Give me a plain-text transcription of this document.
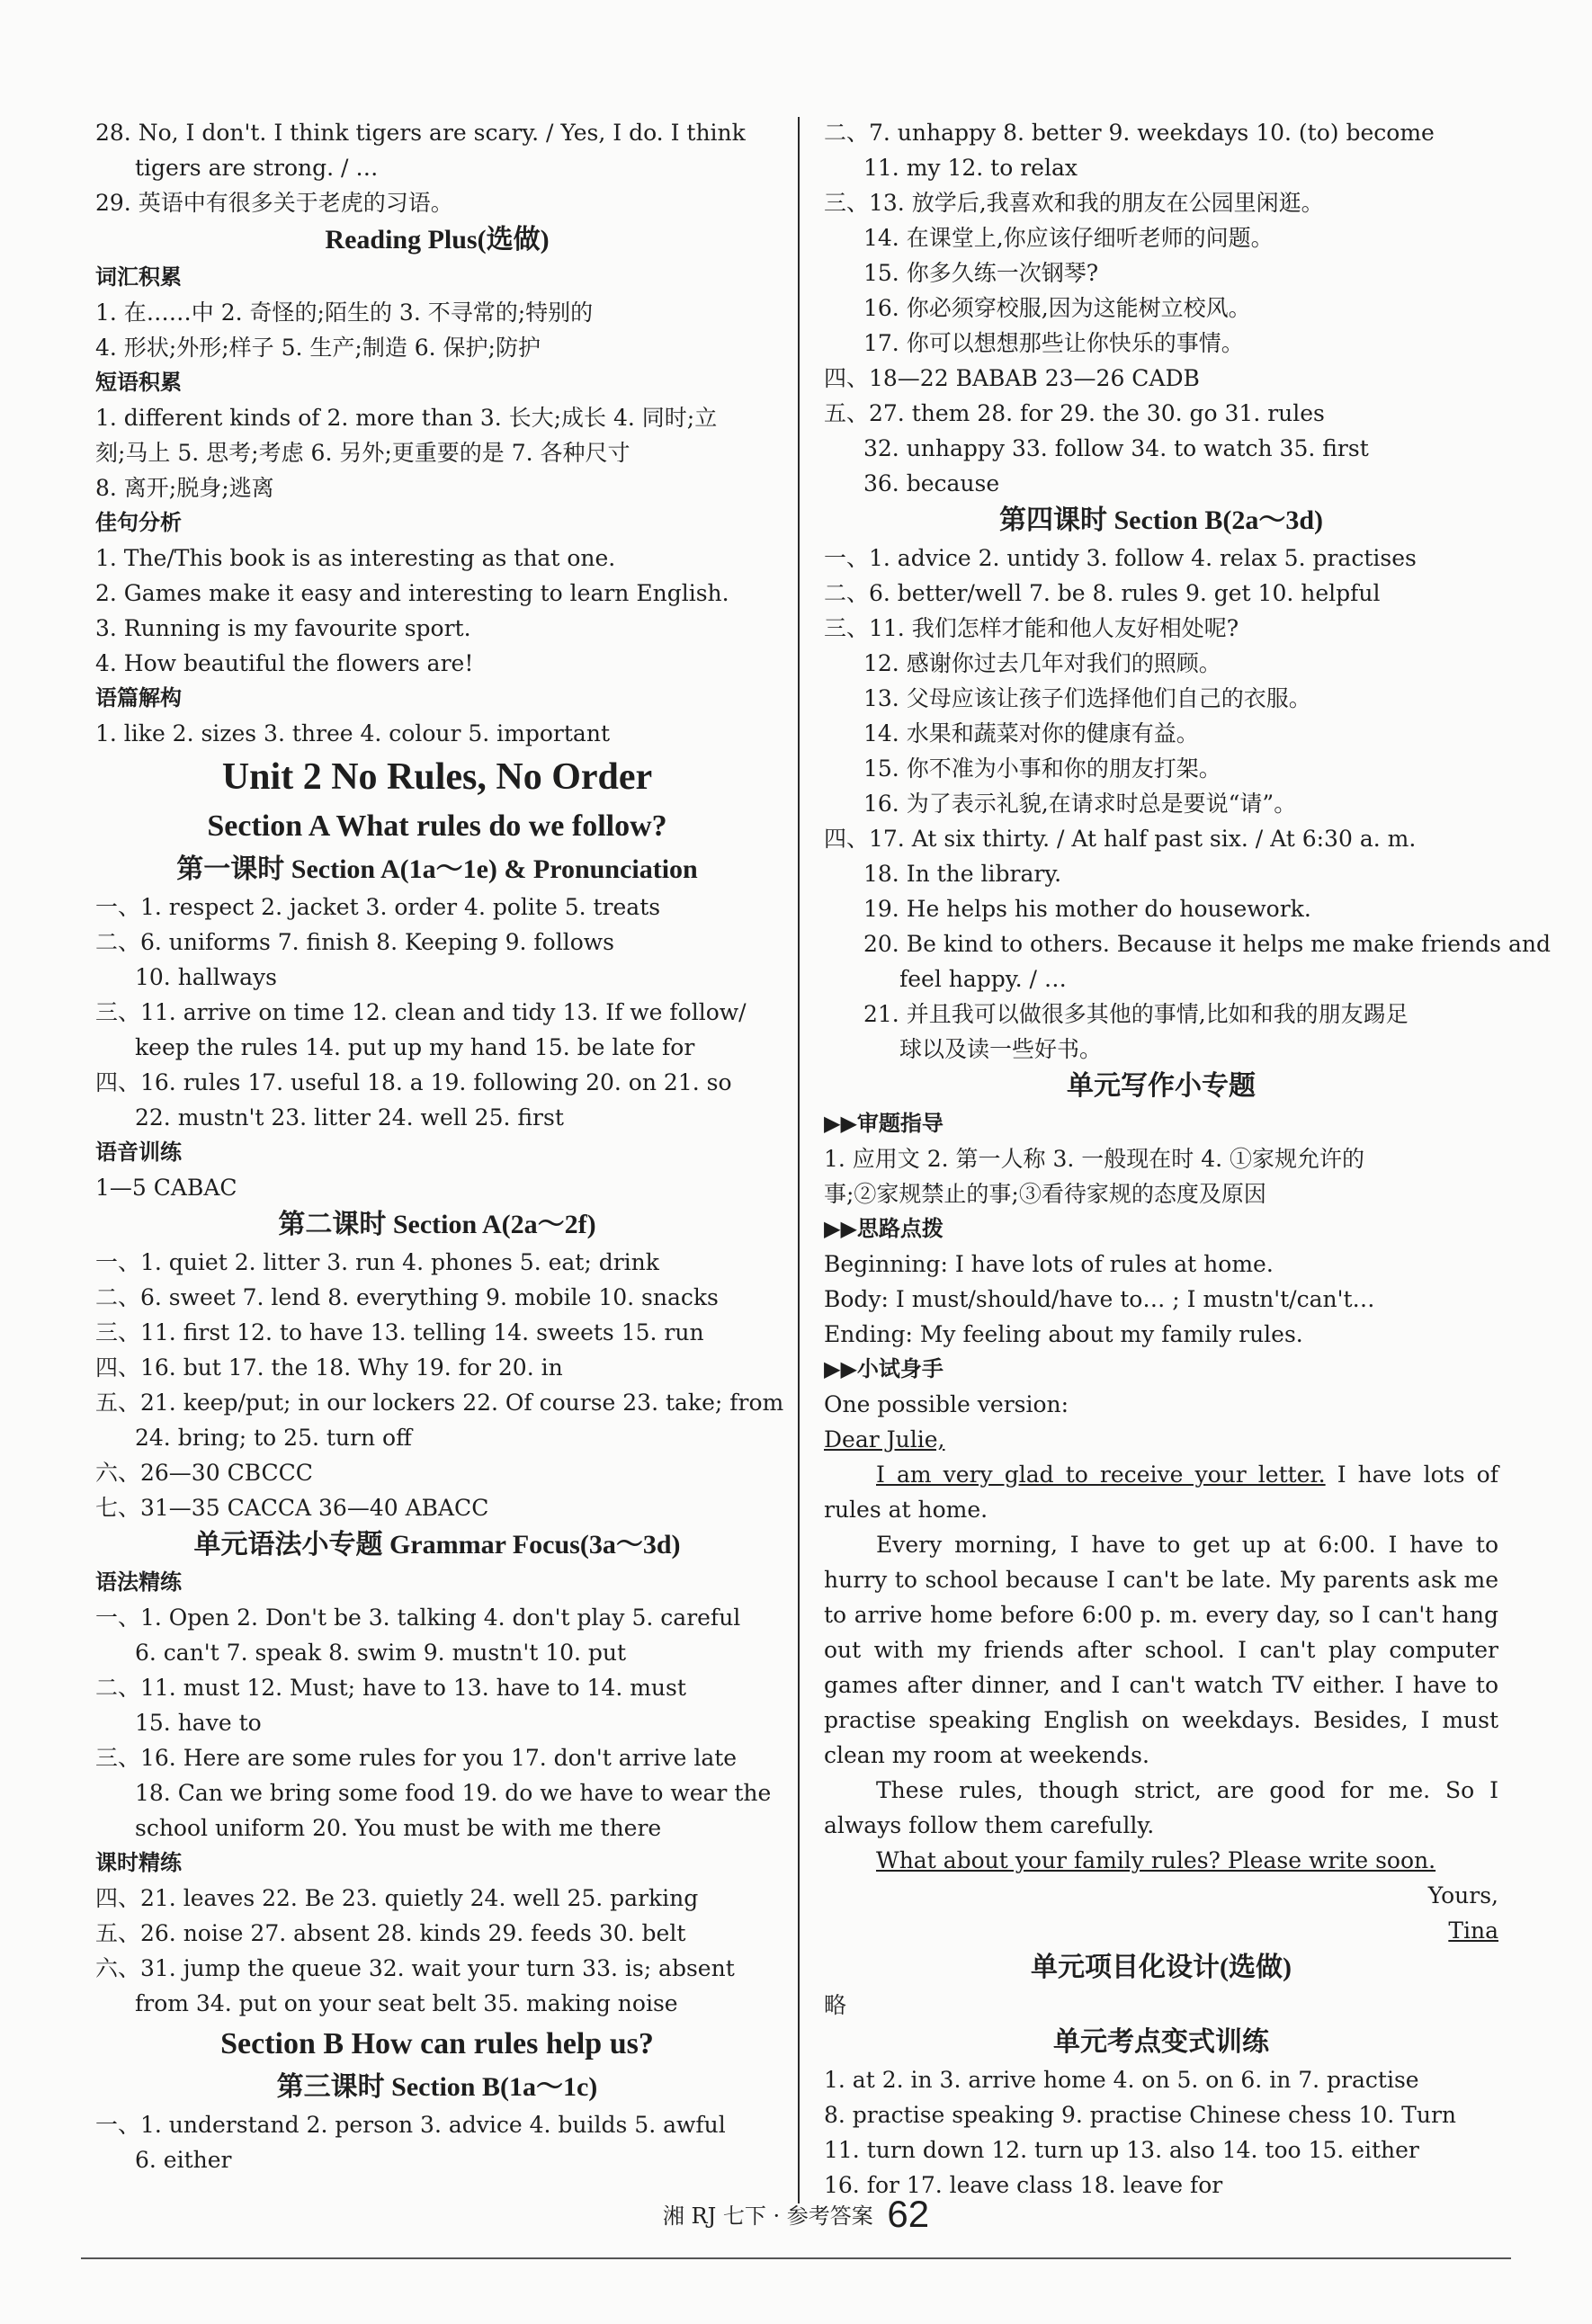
28. No, I don't. I think tigers are scary. / Yes, I do. I think
tigers are strong. / …
29. 英语中有很多关于老虎的习语。
Reading Plus(选做)
词汇积累
1. 在……中 2. 奇怪的;陌生的 3. 不寻常的;特别的
4. 形状;外形;样子 5. 生产;制造 6. 保护;防护
短语积累
1. different kinds of 2. more than 3. 长大;成长 4. 同时;立
刻;马上 5. 思考;考虑 6. 另外;更重要的是 7. 各种尺寸
8. 离开;脱身;逃离
佳句分析
1. The/This book is as interesting as that one.
2. Games make it easy and interesting to learn English.
3. Running is my favourite sport.
4. How beautiful the flowers are!
语篇解构
1. like 2. sizes 3. three 4. colour 5. important
Unit 2 No Rules, No Order
Section A What rules do we follow?
第一课时 Section A(1a～1e) & Pronunciation
一、1. respect 2. jacket 3. order 4. polite 5. treats
二、6. uniforms 7. finish 8. Keeping 9. follows
10. hallways
三、11. arrive on time 12. clean and tidy 13. If we follow/
keep the rules 14. put up my hand 15. be late for
四、16. rules 17. useful 18. a 19. following 20. on 21. so
22. mustn't 23. litter 24. well 25. first
语音训练
1—5 CABAC
第二课时 Section A(2a～2f)
一、1. quiet 2. litter 3. run 4. phones 5. eat; drink
二、6. sweet 7. lend 8. everything 9. mobile 10. snacks
三、11. first 12. to have 13. telling 14. sweets 15. run
四、16. but 17. the 18. Why 19. for 20. in
五、21. keep/put; in our lockers 22. Of course 23. take; from
24. bring; to 25. turn off
六、26—30 CBCCC
七、31—35 CACCA 36—40 ABACC
单元语法小专题 Grammar Focus(3a～3d)
语法精练
一、1. Open 2. Don't be 3. talking 4. don't play 5. careful
6. can't 7. speak 8. swim 9. mustn't 10. put
二、11. must 12. Must; have to 13. have to 14. must
15. have to
三、16. Here are some rules for you 17. don't arrive late
18. Can we bring some food 19. do we have to wear the
school uniform 20. You must be with me there
课时精练
四、21. leaves 22. Be 23. quietly 24. well 25. parking
五、26. noise 27. absent 28. kinds 29. feeds 30. belt
六、31. jump the queue 32. wait your turn 33. is; absent
from 34. put on your seat belt 35. making noise
Section B How can rules help us?
第三课时 Section B(1a～1c)
一、1. understand 2. person 3. advice 4. builds 5. awful
6. either
二、7. unhappy 8. better 9. weekdays 10. (to) become
11. my 12. to relax
三、13. 放学后,我喜欢和我的朋友在公园里闲逛。
14. 在课堂上,你应该仔细听老师的问题。
15. 你多久练一次钢琴?
16. 你必须穿校服,因为这能树立校风。
17. 你可以想想那些让你快乐的事情。
四、18—22 BABAB 23—26 CADB
五、27. them 28. for 29. the 30. go 31. rules
32. unhappy 33. follow 34. to watch 35. first
36. because
第四课时 Section B(2a～3d)
一、1. advice 2. untidy 3. follow 4. relax 5. practises
二、6. better/well 7. be 8. rules 9. get 10. helpful
三、11. 我们怎样才能和他人友好相处呢?
12. 感谢你过去几年对我们的照顾。
13. 父母应该让孩子们选择他们自己的衣服。
14. 水果和蔬菜对你的健康有益。
15. 你不准为小事和你的朋友打架。
16. 为了表示礼貌,在请求时总是要说“请”。
四、17. At six thirty. / At half past six. / At 6:30 a. m.
18. In the library.
19. He helps his mother do housework.
20. Be kind to others. Because it helps me make friends and
feel happy. / …
21. 并且我可以做很多其他的事情,比如和我的朋友踢足
球以及读一些好书。
单元写作小专题
▶▶审题指导
1. 应用文 2. 第一人称 3. 一般现在时 4. ①家规允许的
事;②家规禁止的事;③看待家规的态度及原因
▶▶思路点拨
Beginning: I have lots of rules at home.
Body: I must/should/have to… ; I mustn't/can't…
Ending: My feeling about my family rules.
▶▶小试身手
One possible version:
Dear Julie,
I am very glad to receive your letter. I have lots of rules at home.
Every morning, I have to get up at 6:00. I have to hurry to school because I can't be late. My parents ask me to arrive home before 6:00 p. m. every day, so I can't hang out with my friends after school. I can't play computer games after dinner, and I can't watch TV either. I have to practise speaking English on weekdays. Besides, I must clean my room at weekends.
These rules, though strict, are good for me. So I always follow them carefully.
What about your family rules? Please write soon.
Yours,
Tina
单元项目化设计(选做)
略
单元考点变式训练
1. at 2. in 3. arrive home 4. on 5. on 6. in 7. practise
8. practise speaking 9. practise Chinese chess 10. Turn
11. turn down 12. turn up 13. also 14. too 15. either
16. for 17. leave class 18. leave for
湘 RJ 七下 · 参考答案 62
